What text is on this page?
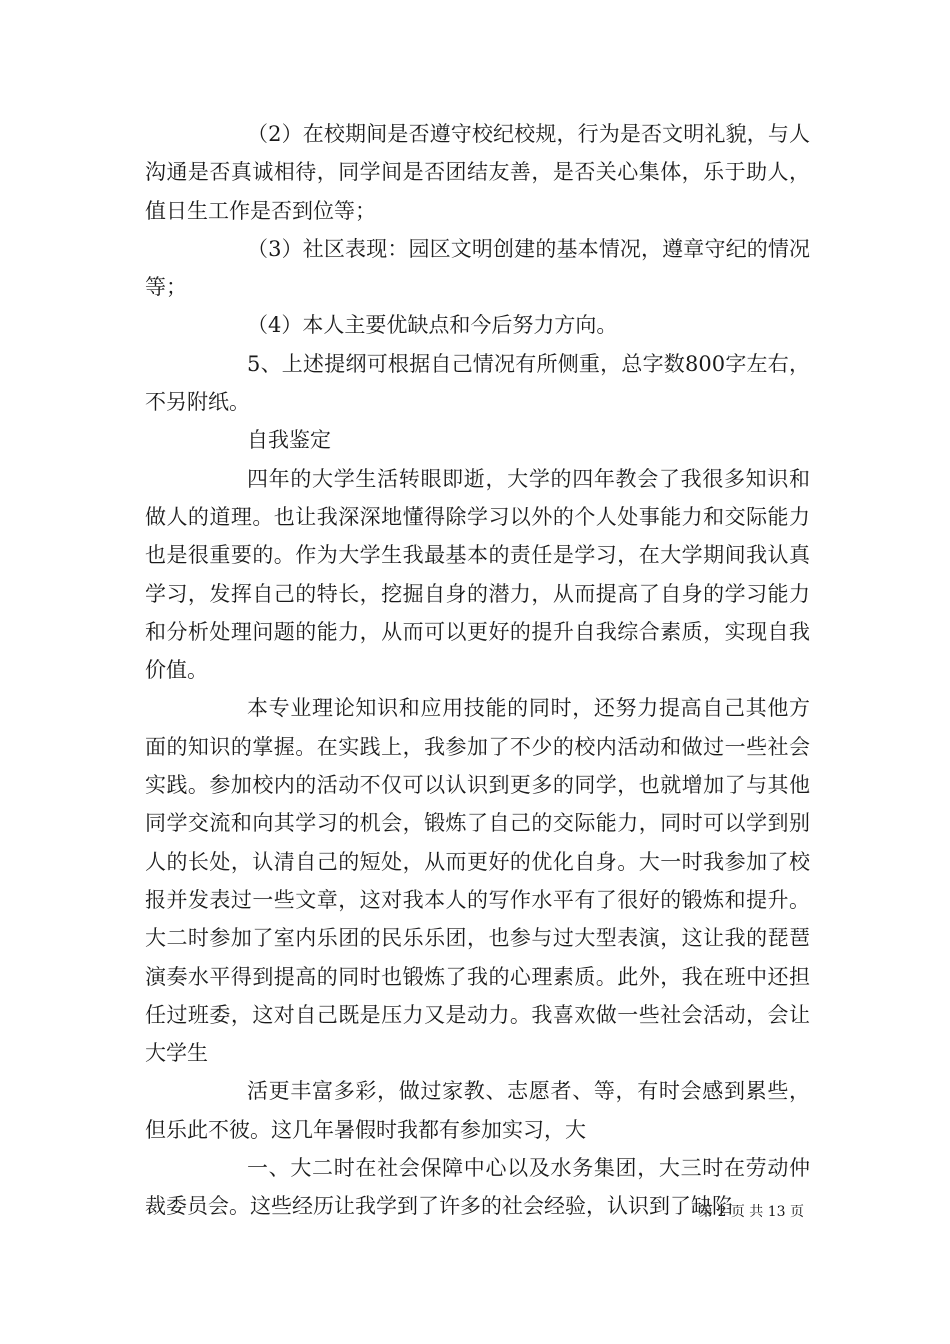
（2）在校期间是否遵守校纪校规，行为是否文明礼貌，与人沟通是否真诚相待，同学间是否团结友善，是否关心集体，乐于助人，值日生工作是否到位等；

（3）社区表现：园区文明创建的基本情况，遵章守纪的情况等；

（4）本人主要优缺点和今后努力方向。

5、上述提纲可根据自己情况有所侧重，总字数800字左右，不另附纸。

自我鉴定

四年的大学生活转眼即逝，大学的四年教会了我很多知识和做人的道理。也让我深深地懂得除学习以外的个人处事能力和交际能力也是很重要的。作为大学生我最基本的责任是学习，在大学期间我认真学习，发挥自己的特长，挖掘自身的潜力，从而提高了自身的学习能力和分析处理问题的能力，从而可以更好的提升自我综合素质，实现自我价值。

本专业理论知识和应用技能的同时，还努力提高自己其他方面的知识的掌握。在实践上，我参加了不少的校内活动和做过一些社会实践。参加校内的活动不仅可以认识到更多的同学，也就增加了与其他同学交流和向其学习的机会，锻炼了自己的交际能力，同时可以学到别人的长处，认清自己的短处，从而更好的优化自身。大一时我参加了校报并发表过一些文章，这对我本人的写作水平有了很好的锻炼和提升。大二时参加了室内乐团的民乐乐团，也参与过大型表演，这让我的琵琶演奏水平得到提高的同时也锻炼了我的心理素质。此外，我在班中还担任过班委，这对自己既是压力又是动力。我喜欢做一些社会活动，会让大学生

活更丰富多彩，做过家教、志愿者、等，有时会感到累些，但乐此不彼。这几年暑假时我都有参加实习，大

一、大二时在社会保障中心以及水务集团，大三时在劳动仲裁委员会。这些经历让我学到了许多的社会经验，认识到了缺陷

第 2 页 共 13 页
